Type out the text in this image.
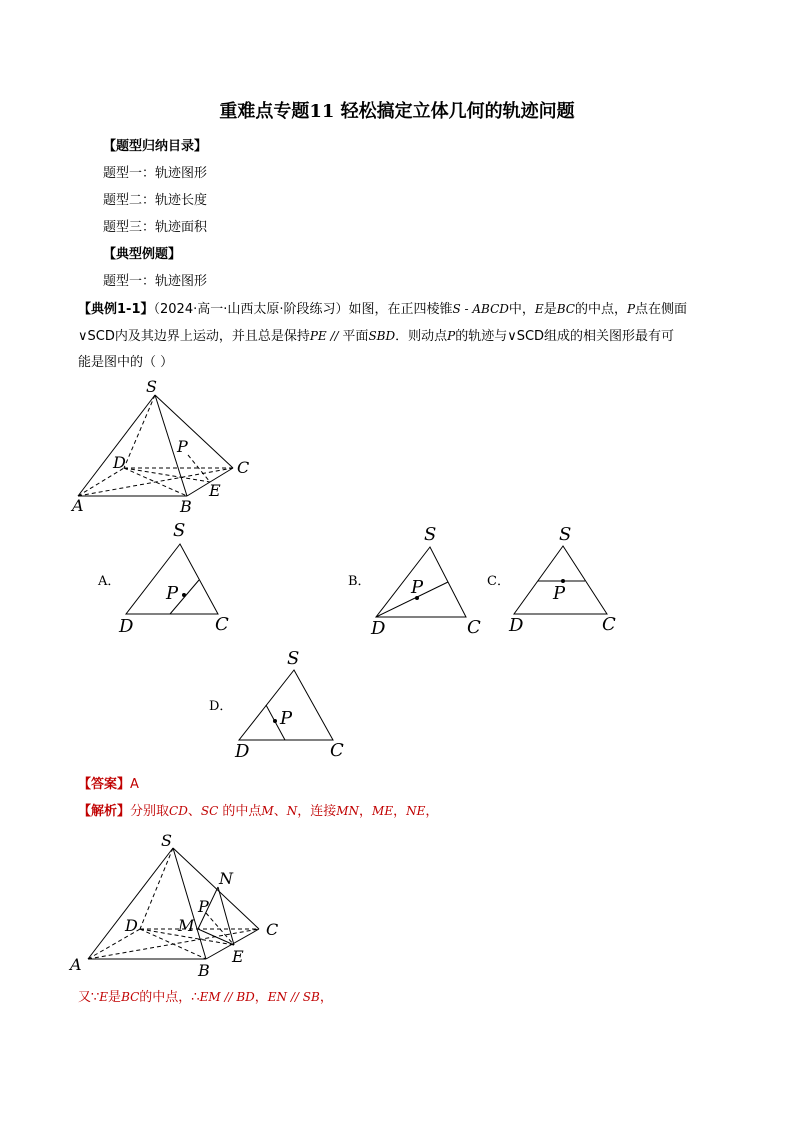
重难点专题11 轻松搞定立体几何的轨迹问题
【题型归纳目录】
题型一：轨迹图形
题型二：轨迹长度
题型三：轨迹面积
【典型例题】
题型一：轨迹图形
【典例1-1】（2024·高一·山西太原·阶段练习）如图，在正四棱锥S - ABCD中，E是BC的中点，P点在侧面
∨SCD内及其边界上运动，并且总是保持PE // 平面SBD．则动点P的轨迹与∨SCD组成的相关图形最有可
能是图中的（ ）
S
A	B
C
D
E
P
A．
S
D	C
P
B．
S
D	C
P	C．
S
D	C
P
D．
S
D	C
P
S
A	B
C
D
E
P
M
N
【答案】A
【解析】分别取CD、SC 的中点M、N，连接MN，ME，NE，
又∵E是BC的中点，∴EM // BD，EN // SB，
